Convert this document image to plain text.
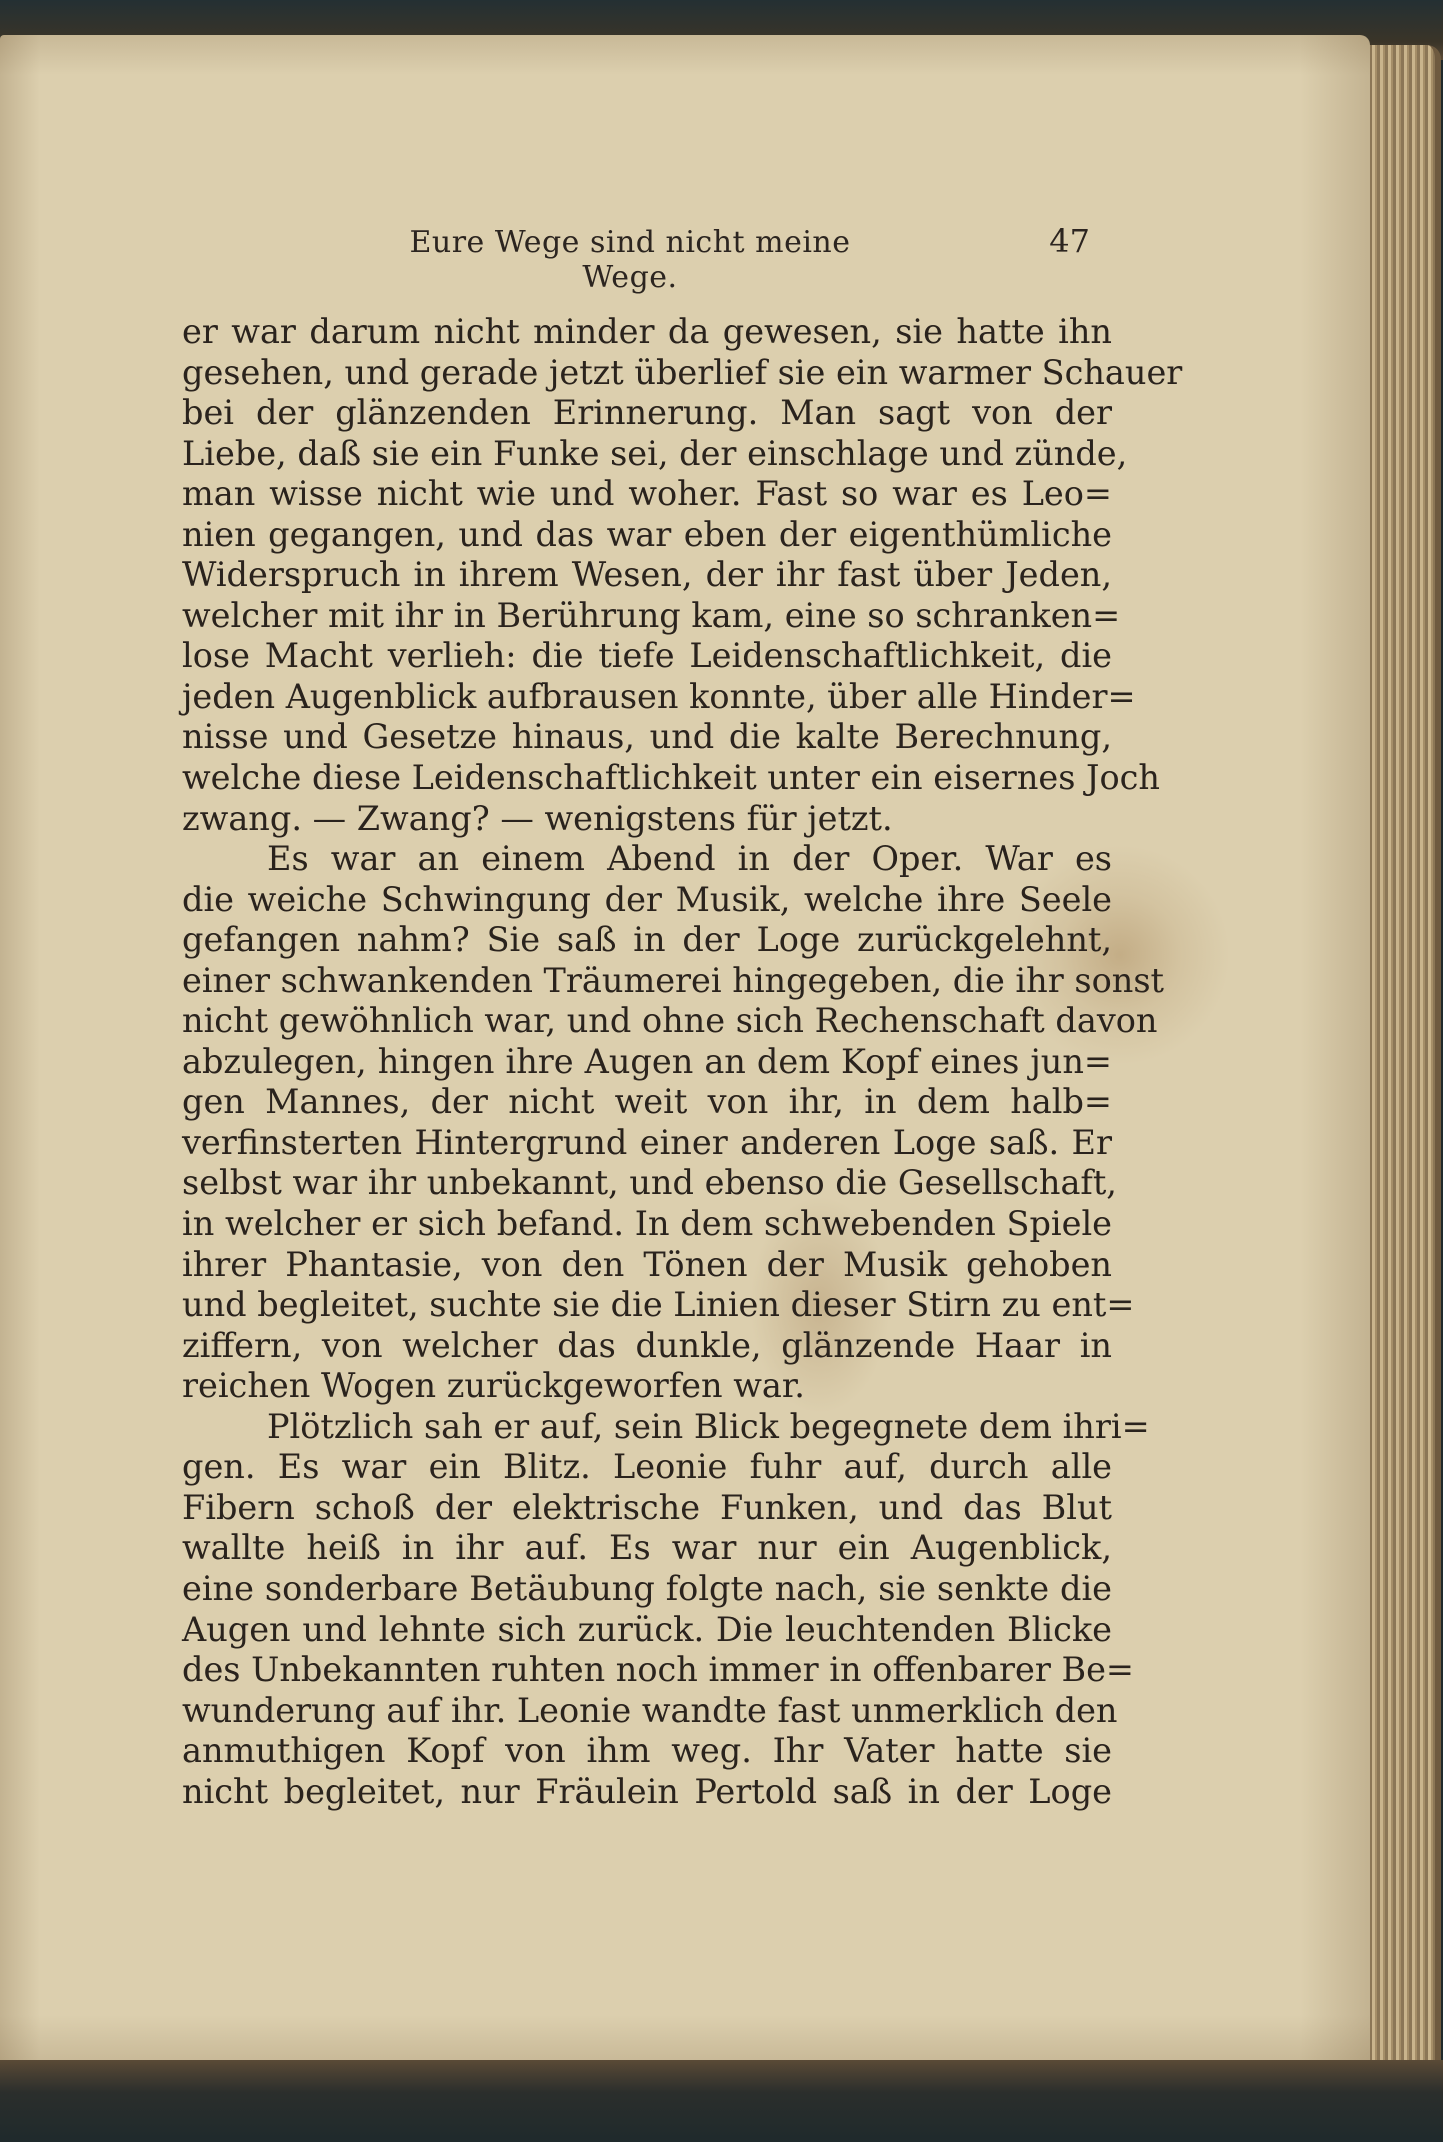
Eure Wege sind nicht meine Wege.
47
er war darum nicht minder da gewesen, sie hatte ihn
gesehen, und gerade jetzt überlief sie ein warmer Schauer
bei der glänzenden Erinnerung. Man sagt von der
Liebe, daß sie ein Funke sei, der einschlage und zünde,
man wisse nicht wie und woher. Fast so war es Leo=
nien gegangen, und das war eben der eigenthümliche
Widerspruch in ihrem Wesen, der ihr fast über Jeden,
welcher mit ihr in Berührung kam, eine so schranken=
lose Macht verlieh: die tiefe Leidenschaftlichkeit, die
jeden Augenblick aufbrausen konnte, über alle Hinder=
nisse und Gesetze hinaus, und die kalte Berechnung,
welche diese Leidenschaftlichkeit unter ein eisernes Joch
zwang. — Zwang? — wenigstens für jetzt.
Es war an einem Abend in der Oper. War es
die weiche Schwingung der Musik, welche ihre Seele
gefangen nahm? Sie saß in der Loge zurückgelehnt,
einer schwankenden Träumerei hingegeben, die ihr sonst
nicht gewöhnlich war, und ohne sich Rechenschaft davon
abzulegen, hingen ihre Augen an dem Kopf eines jun=
gen Mannes, der nicht weit von ihr, in dem halb=
verfinsterten Hintergrund einer anderen Loge saß. Er
selbst war ihr unbekannt, und ebenso die Gesellschaft,
in welcher er sich befand. In dem schwebenden Spiele
ihrer Phantasie, von den Tönen der Musik gehoben
und begleitet, suchte sie die Linien dieser Stirn zu ent=
ziffern, von welcher das dunkle, glänzende Haar in
reichen Wogen zurückgeworfen war.
Plötzlich sah er auf, sein Blick begegnete dem ihri=
gen. Es war ein Blitz. Leonie fuhr auf, durch alle
Fibern schoß der elektrische Funken, und das Blut
wallte heiß in ihr auf. Es war nur ein Augenblick,
eine sonderbare Betäubung folgte nach, sie senkte die
Augen und lehnte sich zurück. Die leuchtenden Blicke
des Unbekannten ruhten noch immer in offenbarer Be=
wunderung auf ihr. Leonie wandte fast unmerklich den
anmuthigen Kopf von ihm weg. Ihr Vater hatte sie
nicht begleitet, nur Fräulein Pertold saß in der Loge
